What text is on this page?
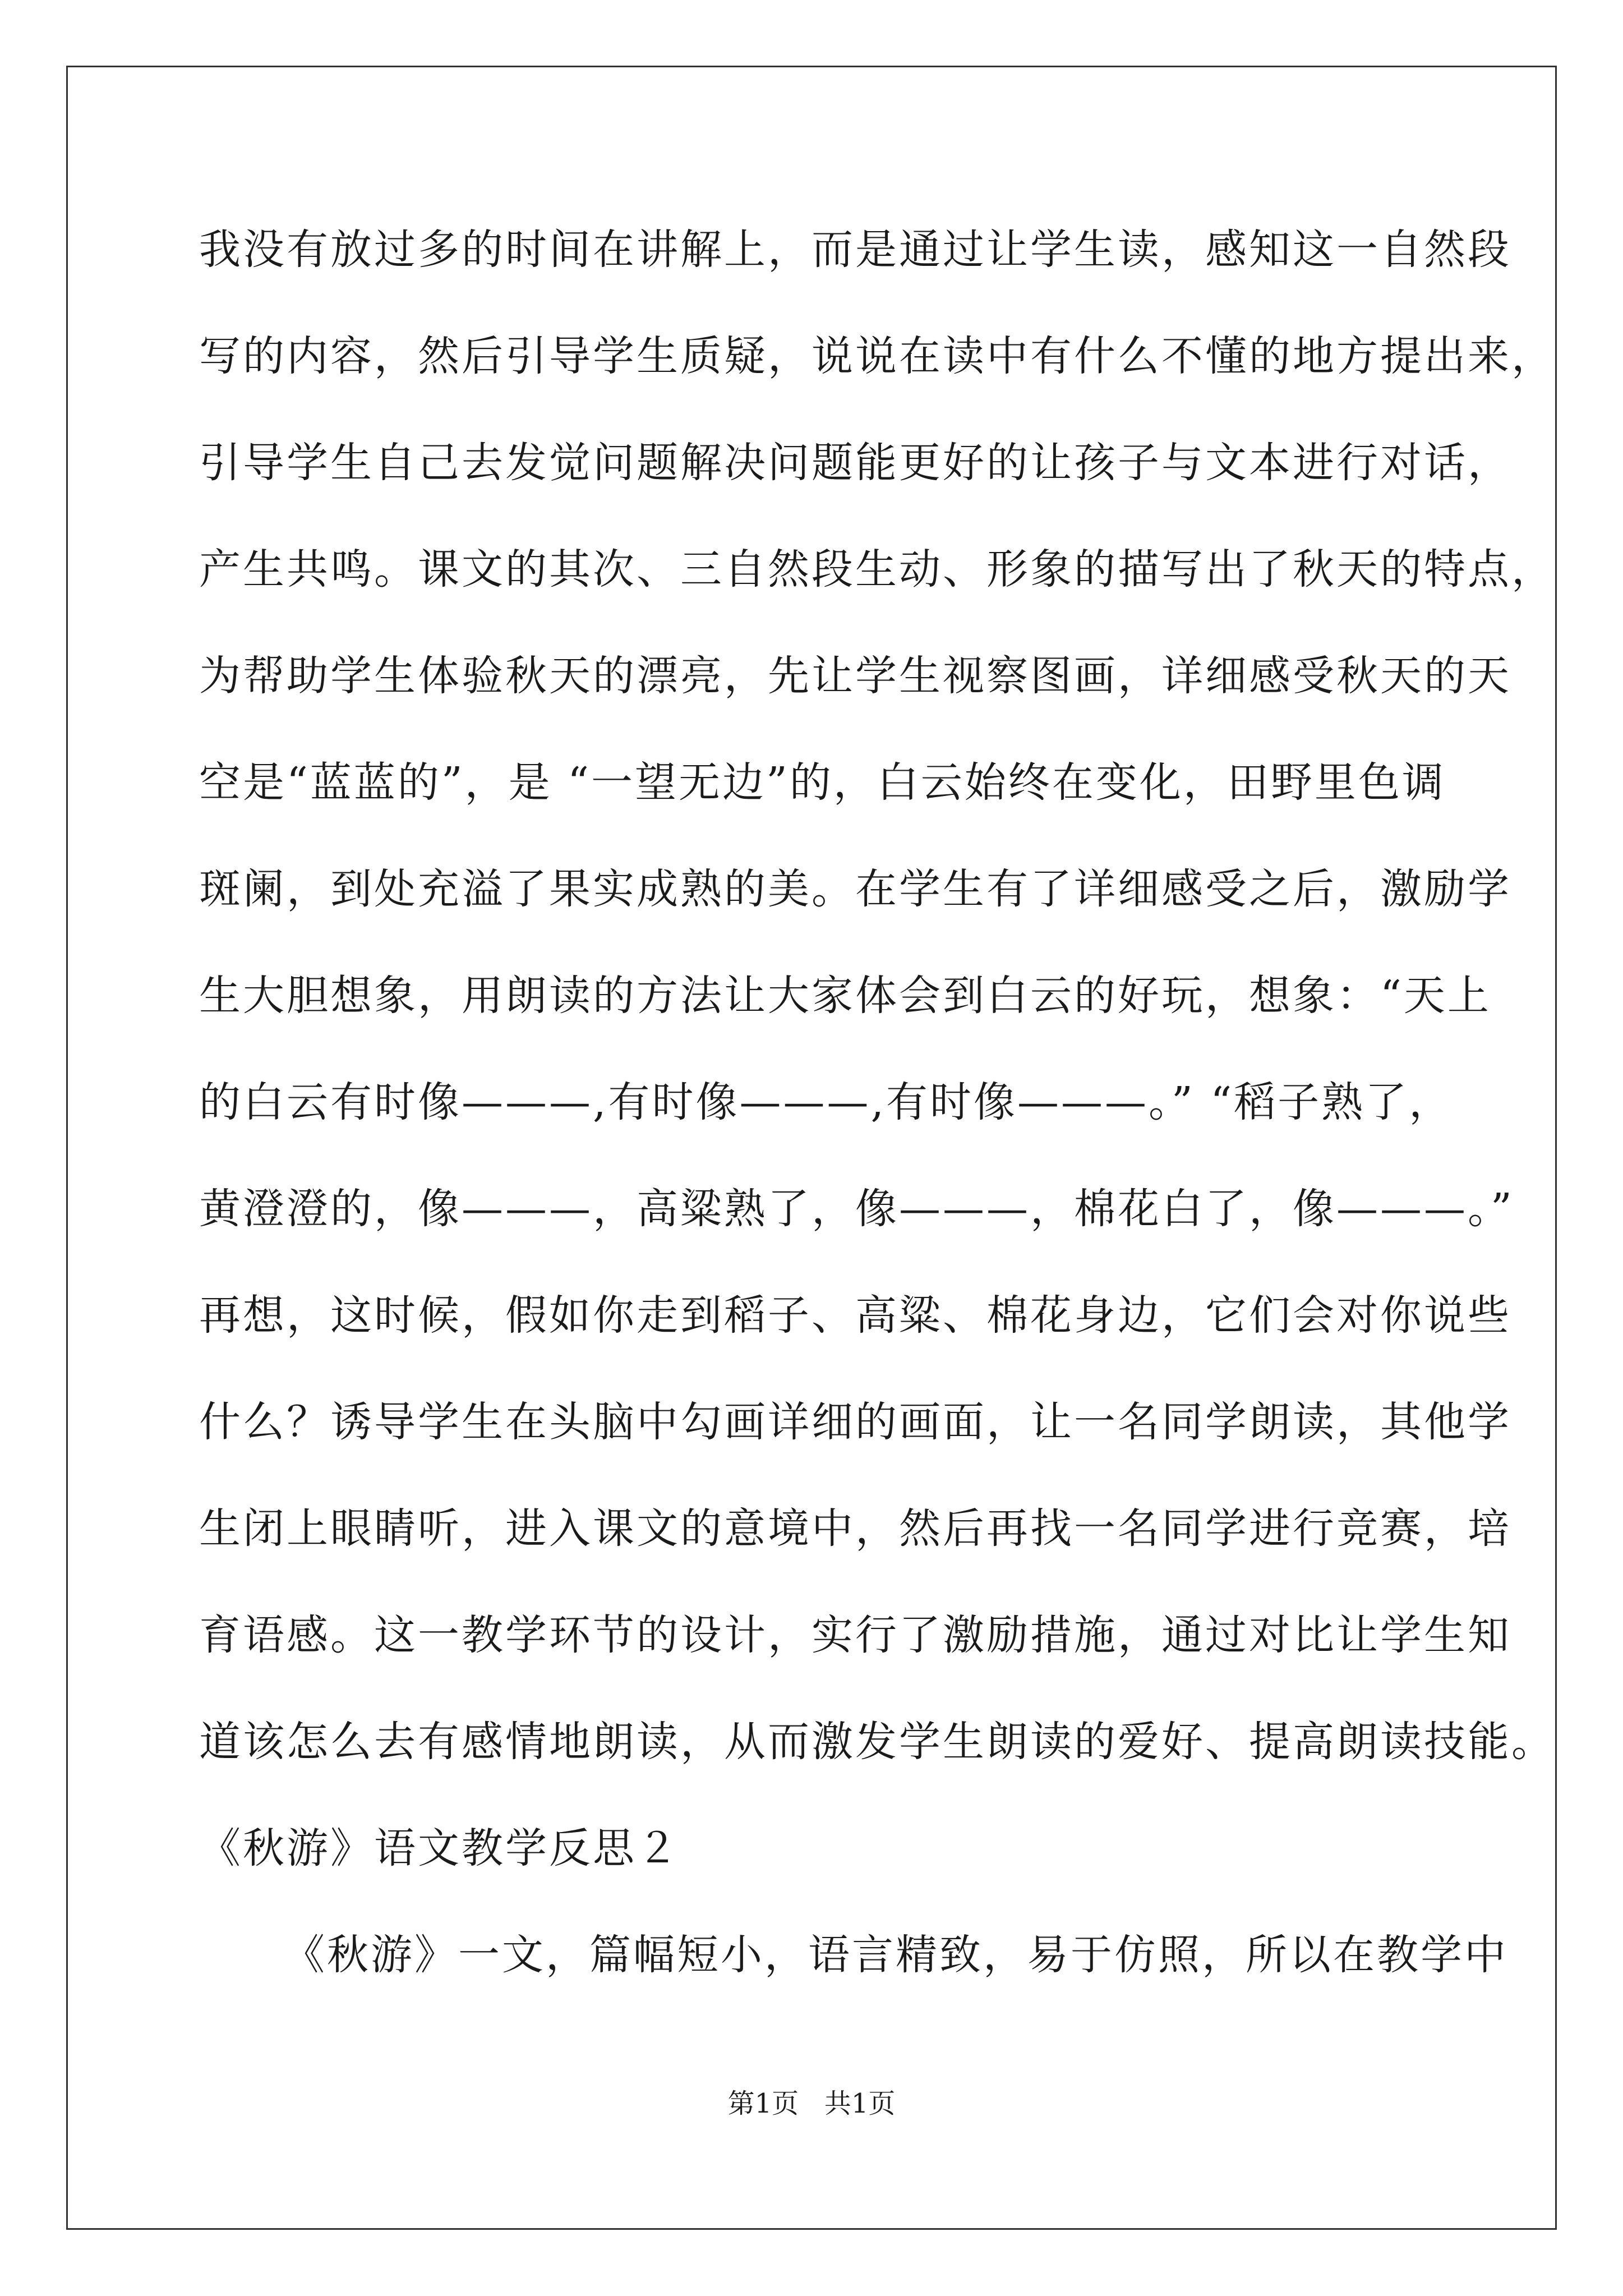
我没有放过多的时间在讲解上，而是通过让学生读，感知这一自然段
写的内容，然后引导学生质疑，说说在读中有什么不懂的地方提出来，
引导学生自己去发觉问题解决问题能更好的让孩子与文本进行对话，
产生共鸣。课文的其次、三自然段生动、形象的描写出了秋天的特点，
为帮助学生体验秋天的漂亮，先让学生视察图画，详细感受秋天的天
空是“蓝蓝的”，是 “一望无边”的，白云始终在变化，田野里色调
斑阑，到处充溢了果实成熟的美。在学生有了详细感受之后，激励学
生大胆想象，用朗读的方法让大家体会到白云的好玩，想象：“天上
的白云有时像———,有时像———,有时像———。” “稻子熟了，
黄澄澄的，像———，高粱熟了，像———，棉花白了，像———。”
再想，这时候，假如你走到稻子、高粱、棉花身边，它们会对你说些
什么？诱导学生在头脑中勾画详细的画面，让一名同学朗读，其他学
生闭上眼睛听，进入课文的意境中，然后再找一名同学进行竞赛，培
育语感。这一教学环节的设计，实行了激励措施，通过对比让学生知
道该怎么去有感情地朗读，从而激发学生朗读的爱好、提高朗读技能。
《秋游》语文教学反思２
《秋游》一文，篇幅短小，语言精致，易于仿照，所以在教学中
第1页   共1页
